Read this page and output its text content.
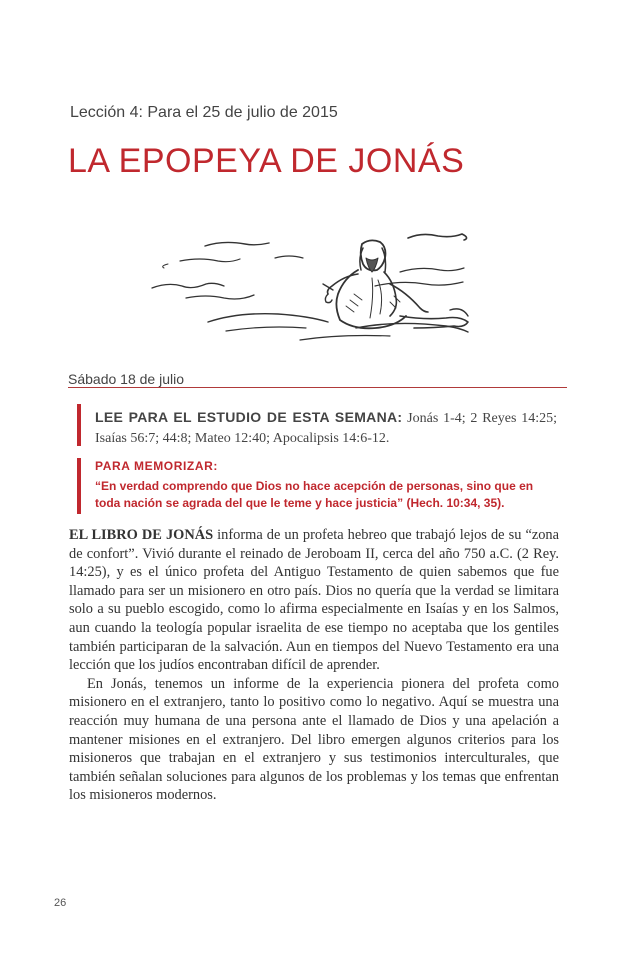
Lección 4: Para el 25 de julio de 2015
LA EPOPEYA DE JONÁS
Sábado 18 de julio
LEE PARA EL ESTUDIO DE ESTA SEMANA: Jonás 1-4; 2 Reyes 14:25; Isaías 56:7; 44:8; Mateo 12:40; Apocalipsis 14:6-12.
PARA MEMORIZAR:
“En verdad comprendo que Dios no hace acepción de personas, sino que en toda nación se agrada del que le teme y hace justicia” (Hech. 10:34, 35).

EL LIBRO DE JONÁS informa de un profeta hebreo que trabajó lejos de su “zona de confort”. Vivió durante el reinado de Jeroboam II, cerca del año 750 a.C. (2 Rey. 14:25), y es el único profeta del Antiguo Testamento de quien sabemos que fue llamado para ser un misionero en otro país. Dios no quería que la verdad se limitara solo a su pueblo escogido, como lo afirma especialmente en Isaías y en los Salmos, aun cuando la teología popular israelita de ese tiempo no aceptaba que los gentiles también participaran de la salvación. Aun en tiempos del Nuevo Testamento era una lección que los judíos encontraban difícil de aprender.

En Jonás, tenemos un informe de la experiencia pionera del profeta como misionero en el extranjero, tanto lo positivo como lo negativo. Aquí se muestra una reacción muy humana de una persona ante el llamado de Dios y una apelación a mantener misiones en el extranjero. Del libro emergen algunos criterios para los misioneros que trabajan en el extranjero y sus testimonios interculturales, que también señalan soluciones para algunos de los problemas y los temas que enfrentan los misioneros modernos.

26
